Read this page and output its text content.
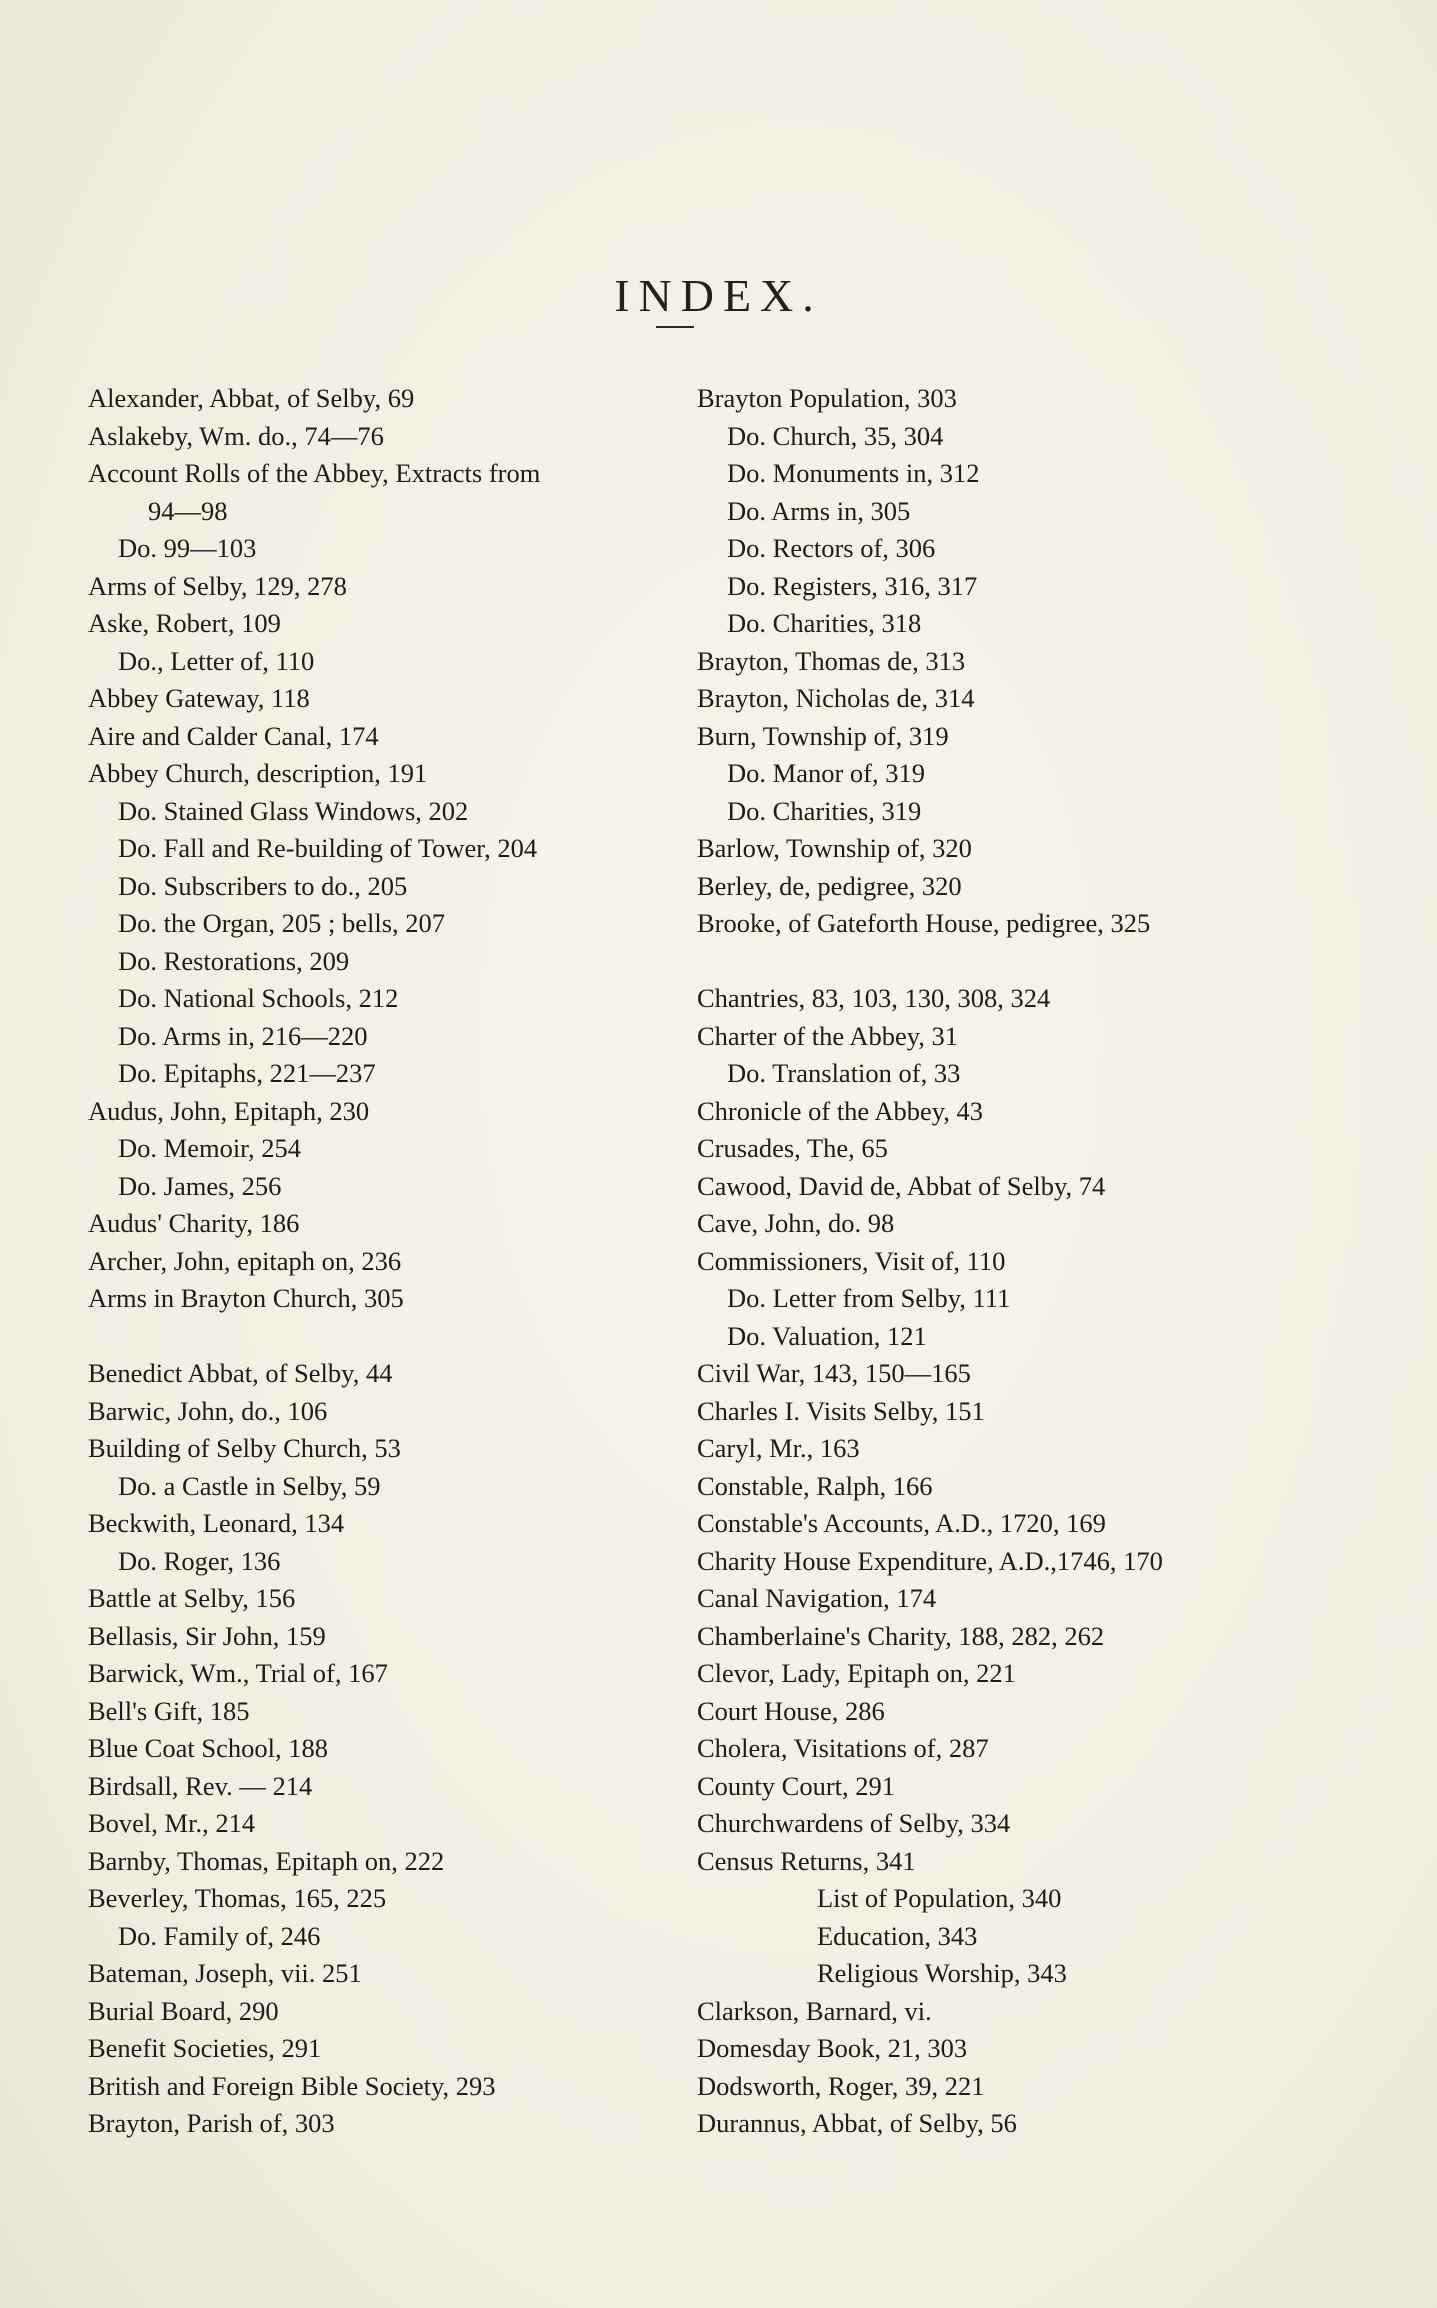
INDEX.
Alexander, Abbat, of Selby, 69
Aslakeby, Wm. do., 74—76
Account Rolls of the Abbey, Extracts from
94—98
Do. 99—103
Arms of Selby, 129, 278
Aske, Robert, 109
Do., Letter of, 110
Abbey Gateway, 118
Aire and Calder Canal, 174
Abbey Church, description, 191
Do. Stained Glass Windows, 202
Do. Fall and Re-building of Tower, 204
Do. Subscribers to do., 205
Do. the Organ, 205 ; bells, 207
Do. Restorations, 209
Do. National Schools, 212
Do. Arms in, 216—220
Do. Epitaphs, 221—237
Audus, John, Epitaph, 230
Do. Memoir, 254
Do. James, 256
Audus' Charity, 186
Archer, John, epitaph on, 236
Arms in Brayton Church, 305
Benedict Abbat, of Selby, 44
Barwic, John, do., 106
Building of Selby Church, 53
Do. a Castle in Selby, 59
Beckwith, Leonard, 134
Do. Roger, 136
Battle at Selby, 156
Bellasis, Sir John, 159
Barwick, Wm., Trial of, 167
Bell's Gift, 185
Blue Coat School, 188
Birdsall, Rev. — 214
Bovel, Mr., 214
Barnby, Thomas, Epitaph on, 222
Beverley, Thomas, 165, 225
Do. Family of, 246
Bateman, Joseph, vii. 251
Burial Board, 290
Benefit Societies, 291
British and Foreign Bible Society, 293
Brayton, Parish of, 303
Brayton Population, 303
Do. Church, 35, 304
Do. Monuments in, 312
Do. Arms in, 305
Do. Rectors of, 306
Do. Registers, 316, 317
Do. Charities, 318
Brayton, Thomas de, 313
Brayton, Nicholas de, 314
Burn, Township of, 319
Do. Manor of, 319
Do. Charities, 319
Barlow, Township of, 320
Berley, de, pedigree, 320
Brooke, of Gateforth House, pedigree, 325
Chantries, 83, 103, 130, 308, 324
Charter of the Abbey, 31
Do. Translation of, 33
Chronicle of the Abbey, 43
Crusades, The, 65
Cawood, David de, Abbat of Selby, 74
Cave, John, do. 98
Commissioners, Visit of, 110
Do. Letter from Selby, 111
Do. Valuation, 121
Civil War, 143, 150—165
Charles I. Visits Selby, 151
Caryl, Mr., 163
Constable, Ralph, 166
Constable's Accounts, A.D., 1720, 169
Charity House Expenditure, A.D.,1746, 170
Canal Navigation, 174
Chamberlaine's Charity, 188, 282, 262
Clevor, Lady, Epitaph on, 221
Court House, 286
Cholera, Visitations of, 287
County Court, 291
Churchwardens of Selby, 334
Census Returns, 341
List of Population, 340
Education, 343
Religious Worship, 343
Clarkson, Barnard, vi.
Domesday Book, 21, 303
Dodsworth, Roger, 39, 221
Durannus, Abbat, of Selby, 56
